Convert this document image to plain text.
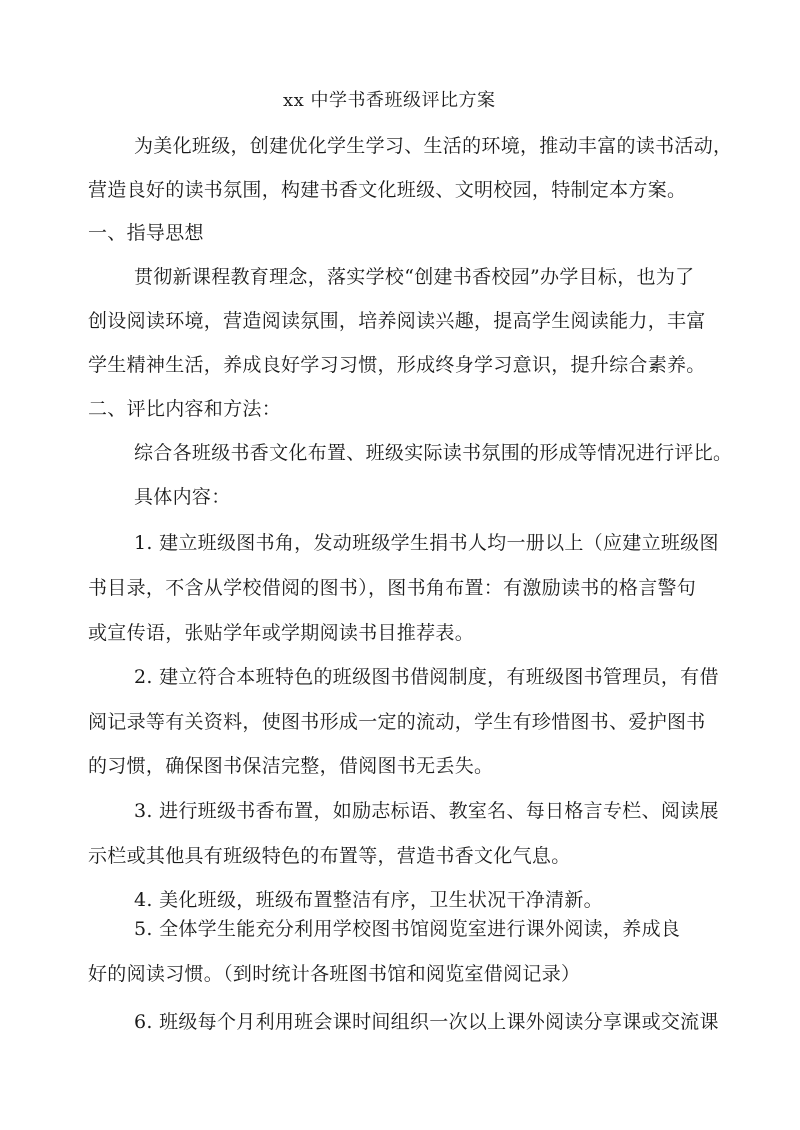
xx 中学书香班级评比方案
为美化班级，创建优化学生学习、生活的环境，推动丰富的读书活动，
营造良好的读书氛围，构建书香文化班级、文明校园，特制定本方案。
一、指导思想
贯彻新课程教育理念，落实学校“创建书香校园”办学目标，也为了
创设阅读环境，营造阅读氛围，培养阅读兴趣，提高学生阅读能力，丰富
学生精神生活，养成良好学习习惯，形成终身学习意识，提升综合素养。
二、评比内容和方法：
综合各班级书香文化布置、班级实际读书氛围的形成等情况进行评比。
具体内容：
1. 建立班级图书角，发动班级学生捐书人均一册以上（应建立班级图
书目录，不含从学校借阅的图书），图书角布置：有激励读书的格言警句
或宣传语，张贴学年或学期阅读书目推荐表。
2. 建立符合本班特色的班级图书借阅制度，有班级图书管理员，有借
阅记录等有关资料，使图书形成一定的流动，学生有珍惜图书、爱护图书
的习惯，确保图书保洁完整，借阅图书无丢失。
3. 进行班级书香布置，如励志标语、教室名、每日格言专栏、阅读展
示栏或其他具有班级特色的布置等，营造书香文化气息。
4. 美化班级，班级布置整洁有序，卫生状况干净清新。
5. 全体学生能充分利用学校图书馆阅览室进行课外阅读，养成良
好的阅读习惯。（到时统计各班图书馆和阅览室借阅记录）
6. 班级每个月利用班会课时间组织一次以上课外阅读分享课或交流课
